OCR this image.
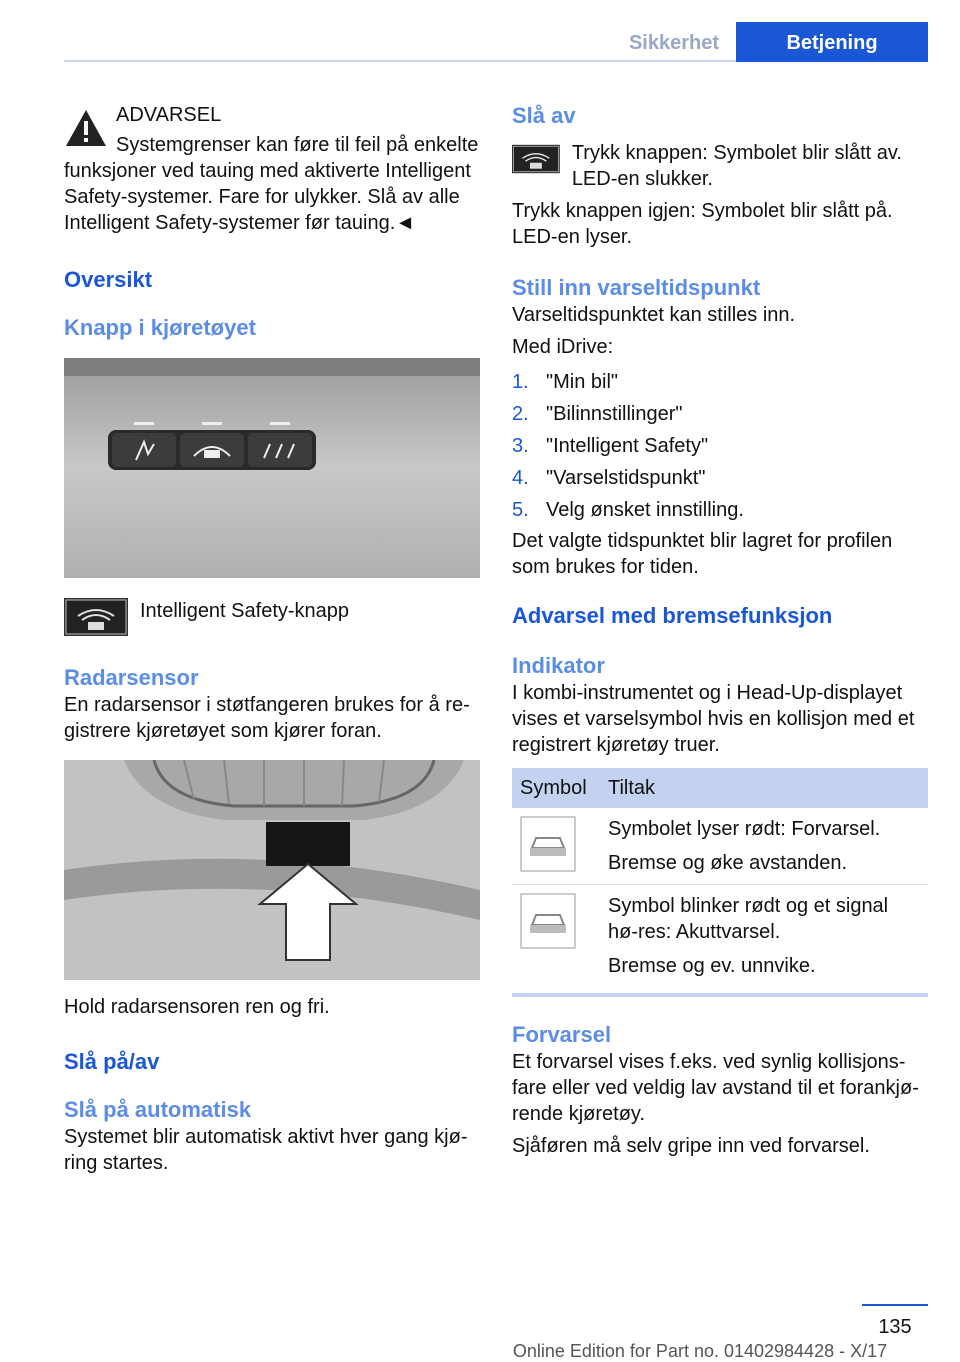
Sikkerhet	Betjening

ADVARSEL

Systemgrenser kan føre til feil på enkelte funksjoner ved tauing med aktiverte Intelligent Safety-systemer. Fare for ulykker. Slå av alle Intelligent Safety-systemer før tauing.◄

Oversikt
Knapp i kjøretøyet

Intelligent Safety-knapp

Radarsensor

En radarsensor i støtfangeren brukes for å re-gistrere kjøretøyet som kjører foran.

Hold radarsensoren ren og fri.

Slå på/av
Slå på automatisk

Systemet blir automatisk aktivt hver gang kjø-ring startes.

Slå av

Trykk knappen: Symbolet blir slått av. LED-en slukker.

Trykk knappen igjen: Symbolet blir slått på. LED-en lyser.

Still inn varseltidspunkt

Varseltidspunktet kan stilles inn.

Med iDrive:

1. "Min bil"
2. "Bilinnstillinger"
3. "Intelligent Safety"
4. "Varselstidspunkt"
5. Velg ønsket innstilling.

Det valgte tidspunktet blir lagret for profilen som brukes for tiden.

Advarsel med bremsefunksjon
Indikator

I kombi-instrumentet og i Head-Up-displayet vises et varselsymbol hvis en kollisjon med et registrert kjøretøy truer.

Symbol	Tiltak

Symbolet lyser rødt: Forvarsel.
Bremse og øke avstanden.

Symbol blinker rødt og et signal hø-res: Akuttvarsel.
Bremse og ev. unnvike.
Forvarsel

Et forvarsel vises f.eks. ved synlig kollisjons-fare eller ved veldig lav avstand til et forankjø-rende kjøretøy.

Sjåføren må selv gripe inn ved forvarsel.

135
Online Edition for Part no. 01402984428 - X/17
